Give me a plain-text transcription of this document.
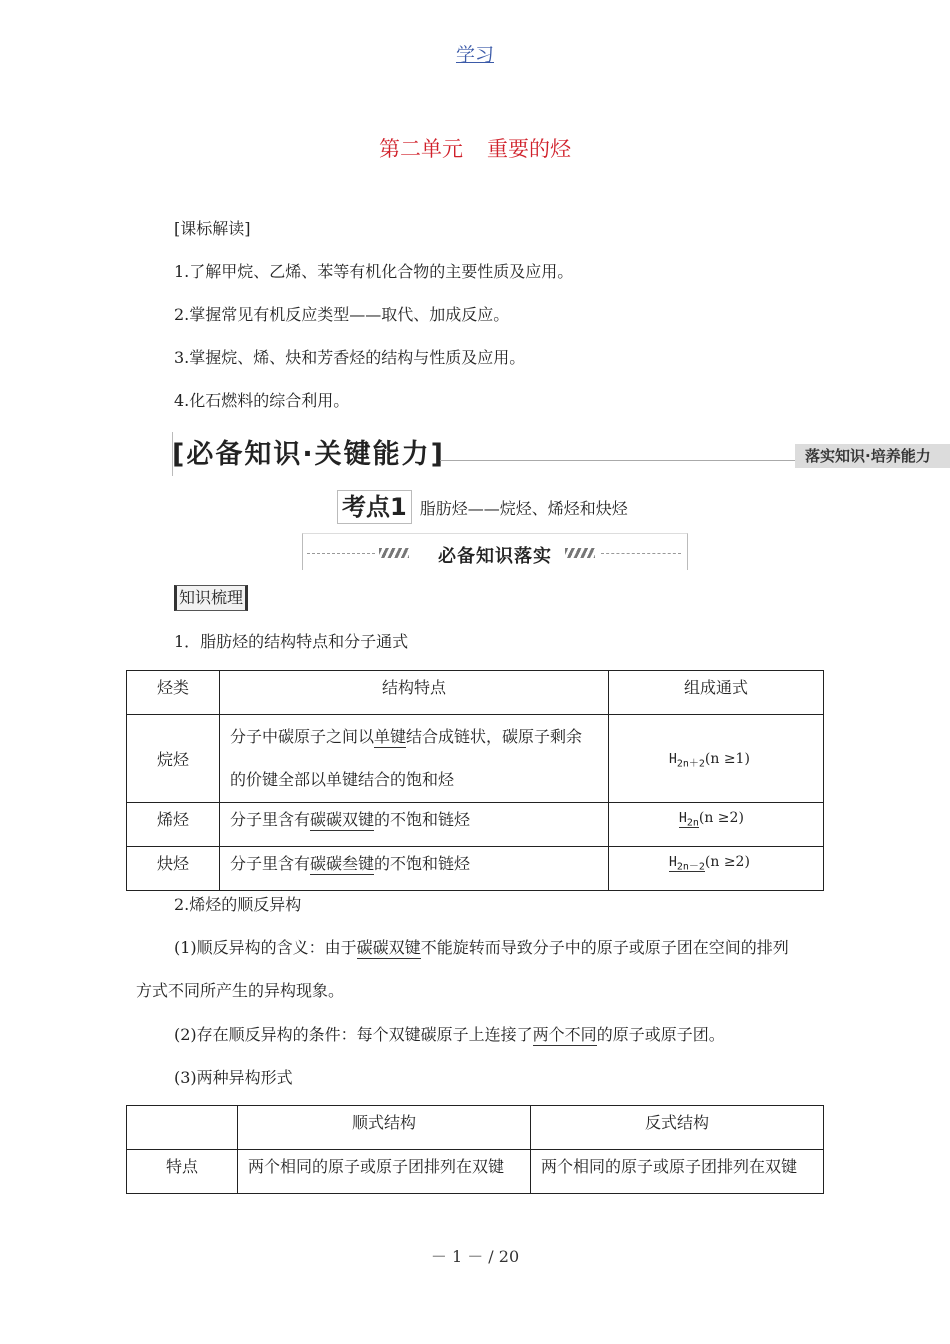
学习
第二单元 重要的烃
[课标解读]
1.了解甲烷、乙烯、苯等有机化合物的主要性质及应用。
2.掌握常见有机反应类型——取代、加成反应。
3.掌握烷、烯、炔和芳香烃的结构与性质及应用。
4.化石燃料的综合利用。
[必备知识·关键能力]	落实知识·培养能力
考点1 脂肪烃——烷烃、烯烃和炔烃
必备知识落实
知识梳理
1．脂肪烃的结构特点和分子通式
烃类	结构特点	组成通式
烷烃	分子中碳原子之间以单键结合成链状，碳原子剩余
的价键全部以单键结合的饱和烃	$H_{2n+2}(n \ge 1)$
烯烃	分子里含有碳碳双键的不饱和链烃	$H_{2n}(n \ge 2)$
炔烃	分子里含有碳碳叁键的不饱和链烃	$H_{2n-2}(n \ge 2)$
2.烯烃的顺反异构
(1)顺反异构的含义：由于碳碳双键不能旋转而导致分子中的原子或原子团在空间的排列
方式不同所产生的异构现象。
(2)存在顺反异构的条件：每个双键碳原子上连接了两个不同的原子或原子团。
(3)两种异构形式
	顺式结构	反式结构
特点	两个相同的原子或原子团排列在双键	两个相同的原子或原子团排列在双键
－ 1 － / 20
